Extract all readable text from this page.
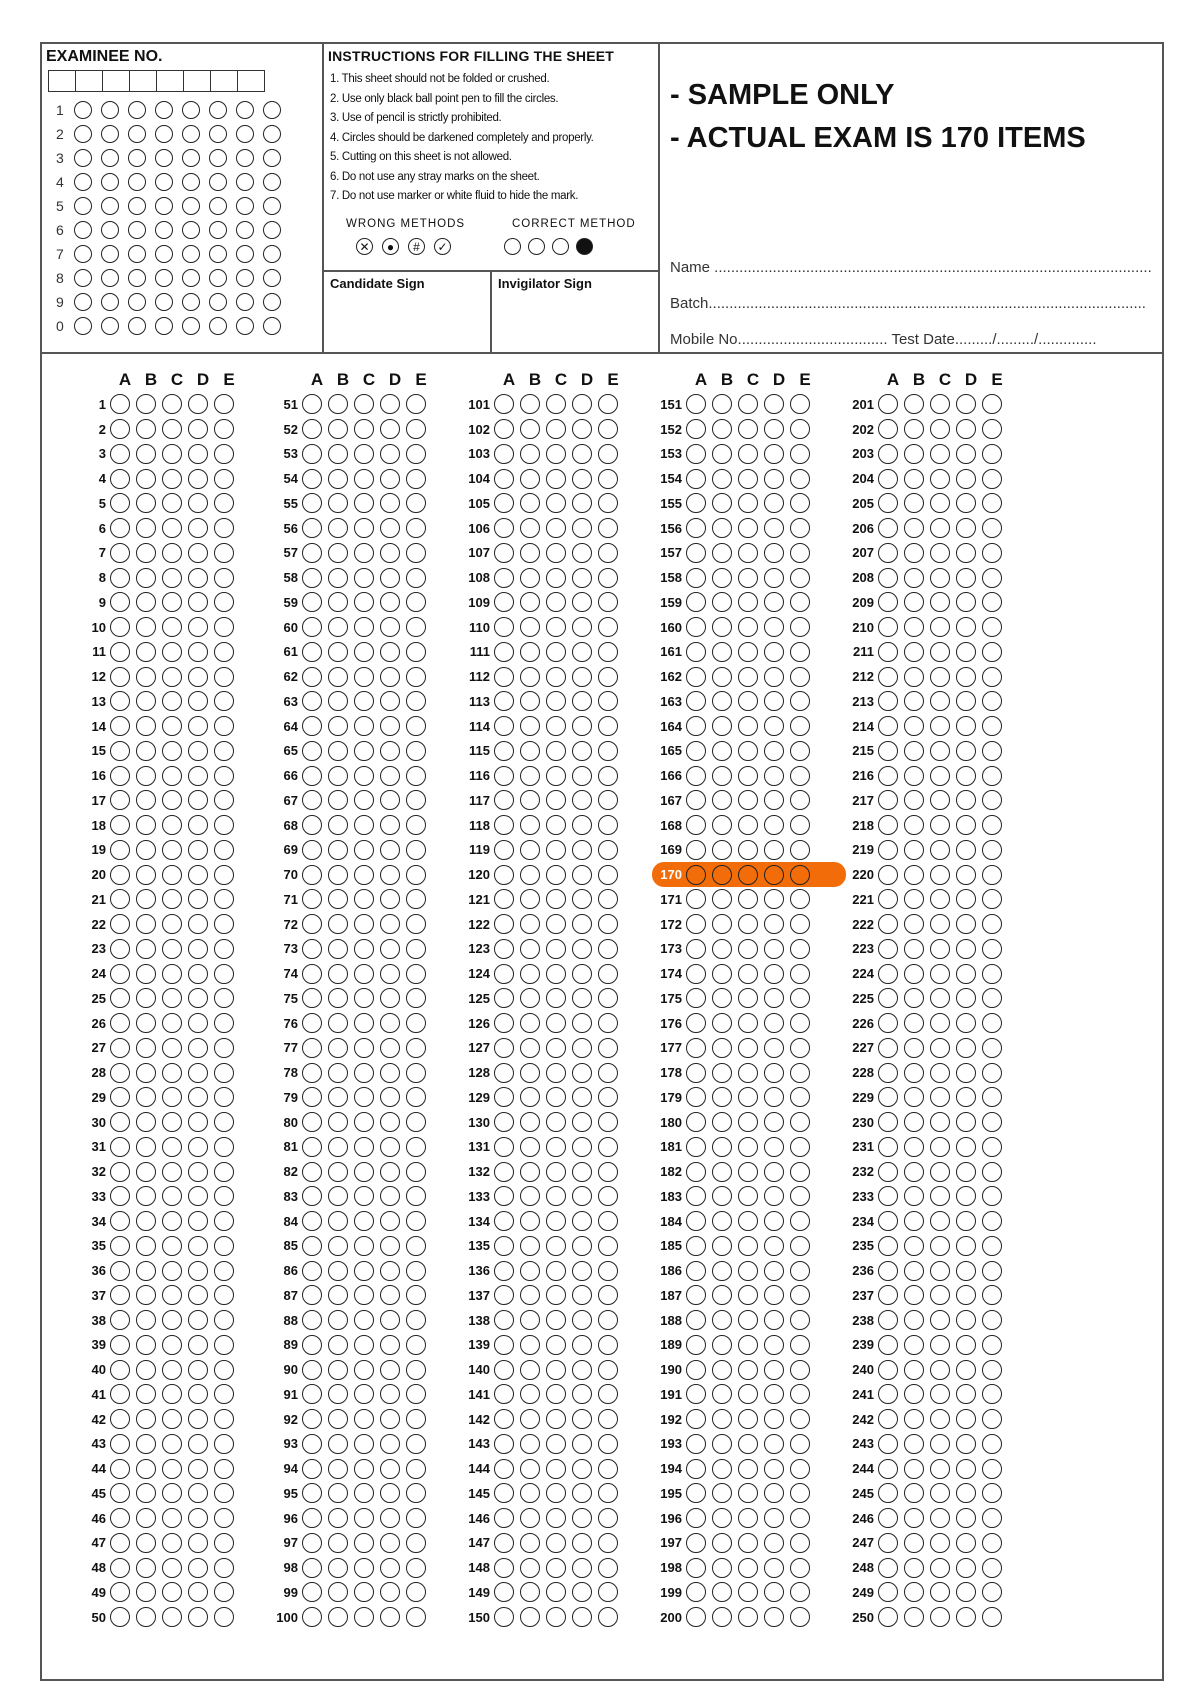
EXAMINEE NO.
1
2
3
4
5
6
7
8
9
0
INSTRUCTIONS FOR FILLING THE SHEET
1. This sheet should not be folded or crushed.
2. Use only black ball point pen to fill the circles.
3. Use of pencil is strictly prohibited.
4. Circles should be darkened completely and properly.
5. Cutting on this sheet is not allowed.
6. Do not use any stray marks on the sheet.
7. Do not use marker or white fluid to hide the mark.
WRONG METHODS	CORRECT METHOD
✕	●	#	✓
Candidate Sign	Invigilator Sign
- SAMPLE ONLY
- ACTUAL EXAM IS 170 ITEMS
Name .........................................................................................................
Batch.........................................................................................................
Mobile No.................................... Test Date........./........./..............
A B C D E
1
2
3
4
5
6
7
8
9
10
11
12
13
14
15
16
17
18
19
20
21
22
23
24
25
26
27
28
29
30
31
32
33
34
35
36
37
38
39
40
41
42
43
44
45
46
47
48
49
50
A B C D E
51
52
53
54
55
56
57
58
59
60
61
62
63
64
65
66
67
68
69
70
71
72
73
74
75
76
77
78
79
80
81
82
83
84
85
86
87
88
89
90
91
92
93
94
95
96
97
98
99
100
A B C D E
101
102
103
104
105
106
107
108
109
110
111
112
113
114
115
116
117
118
119
120
121
122
123
124
125
126
127
128
129
130
131
132
133
134
135
136
137
138
139
140
141
142
143
144
145
146
147
148
149
150
A B C D E
151
152
153
154
155
156
157
158
159
160
161
162
163
164
165
166
167
168
169
170
171
172
173
174
175
176
177
178
179
180
181
182
183
184
185
186
187
188
189
190
191
192
193
194
195
196
197
198
199
200
A B C D E
201
202
203
204
205
206
207
208
209
210
211
212
213
214
215
216
217
218
219
220
221
222
223
224
225
226
227
228
229
230
231
232
233
234
235
236
237
238
239
240
241
242
243
244
245
246
247
248
249
250
